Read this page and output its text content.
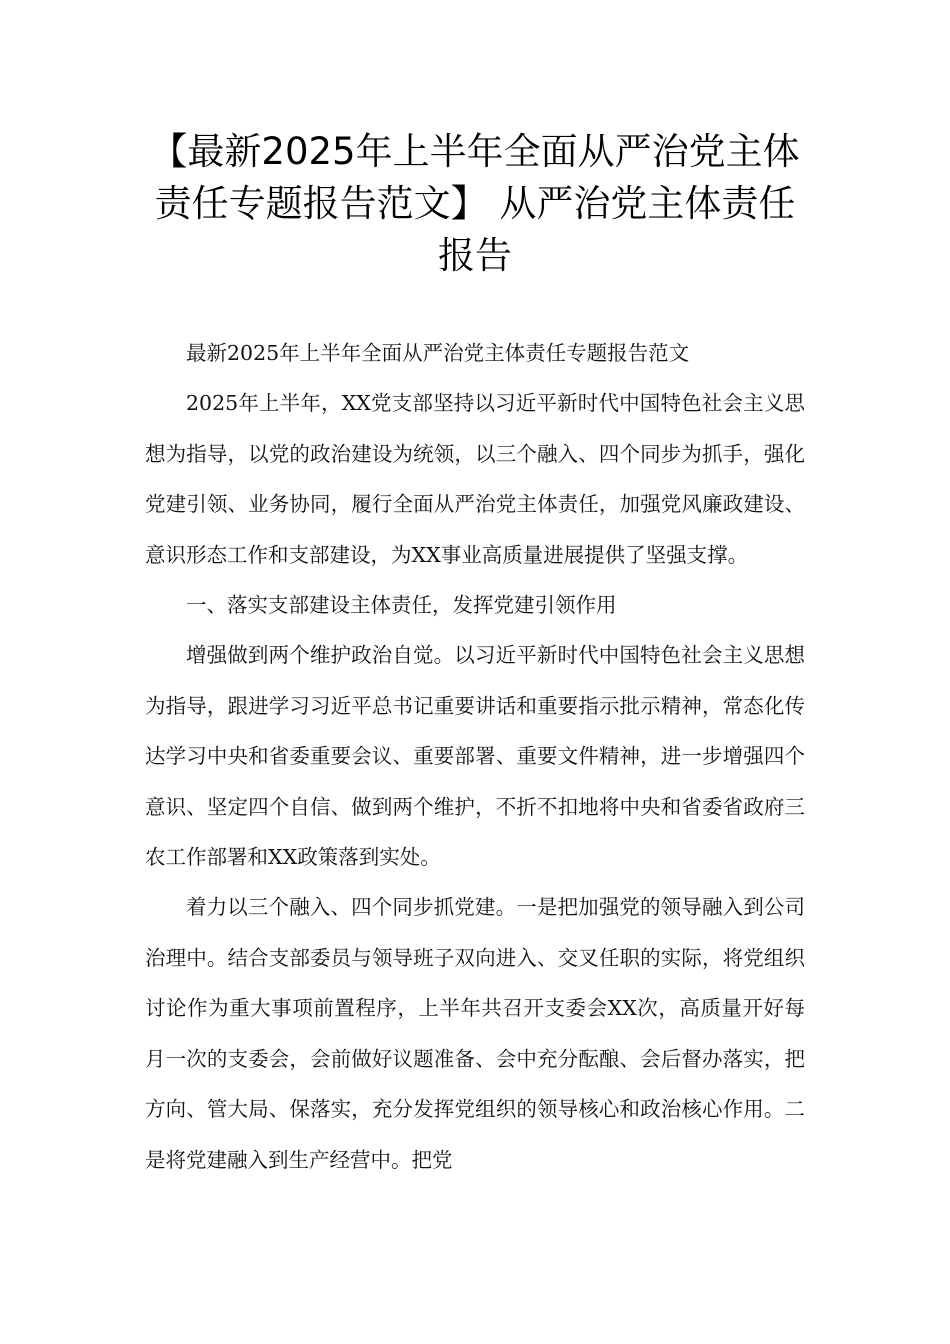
【最新2025年上半年全面从严治党主体责任专题报告范文】 从严治党主体责任报告

最新2025年上半年全面从严治党主体责任专题报告范文

2025年上半年，XX党支部坚持以习近平新时代中国特色社会主义思想为指导，以党的政治建设为统领，以三个融入、四个同步为抓手，强化党建引领、业务协同，履行全面从严治党主体责任，加强党风廉政建设、意识形态工作和支部建设，为XX事业高质量进展提供了坚强支撑。

一、落实支部建设主体责任，发挥党建引领作用

增强做到两个维护政治自觉。以习近平新时代中国特色社会主义思想为指导，跟进学习习近平总书记重要讲话和重要指示批示精神，常态化传达学习中央和省委重要会议、重要部署、重要文件精神，进一步增强四个意识、坚定四个自信、做到两个维护，不折不扣地将中央和省委省政府三农工作部署和XX政策落到实处。

着力以三个融入、四个同步抓党建。一是把加强党的领导融入到公司治理中。结合支部委员与领导班子双向进入、交叉任职的实际，将党组织讨论作为重大事项前置程序，上半年共召开支委会XX次，高质量开好每月一次的支委会，会前做好议题准备、会中充分酝酿、会后督办落实，把方向、管大局、保落实，充分发挥党组织的领导核心和政治核心作用。二是将党建融入到生产经营中。把党
